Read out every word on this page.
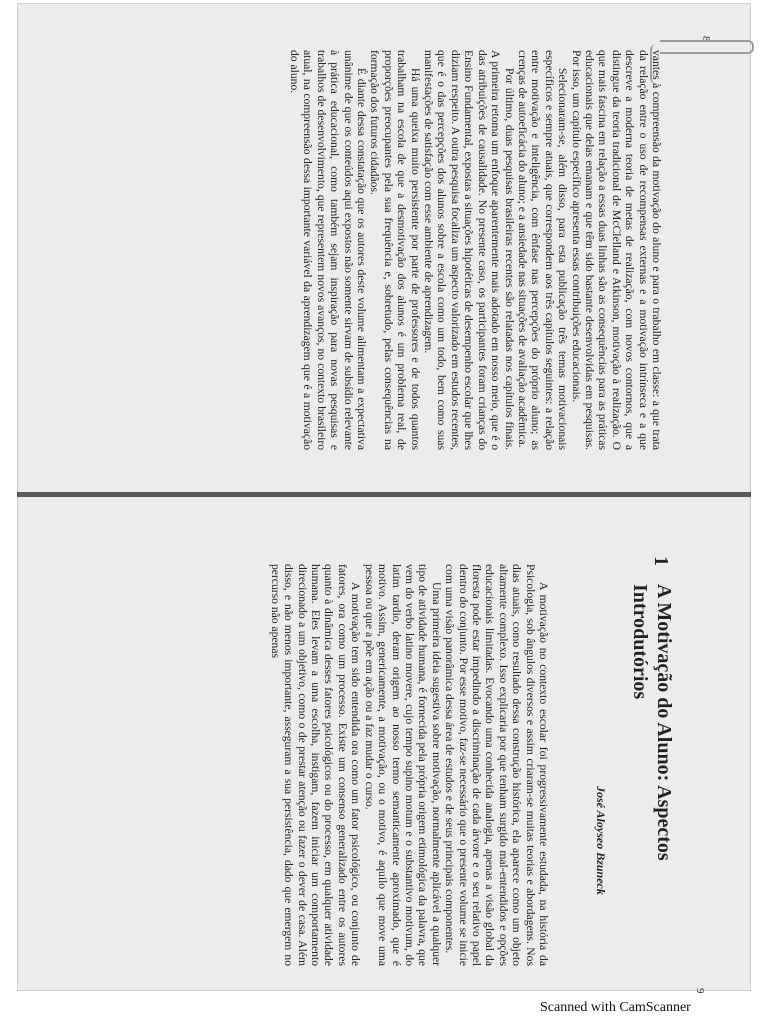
8

vantes à compreensão da motivação do aluno e para o trabalho em classe: a que trata da relação entre o uso de recompensas externas e a motivação intrínseca e a que descreve a moderna teoria de metas de realização, com novos contornos, que a distingue da teoria tradicional de McClelland e Atkinson, motivação à realização. O que mais fascina em relação a essas duas linhas são as consequências para as práticas educacionais que delas emanam e que têm sido bastante desenvolvidas em pesquisas. Por isso, um capítulo específico apresenta essas contribuições educacionais.

Selecionaram-se, além disso, para esta publicação três temas motivacionais específicos e sempre atuais, que correspondem aos três capítulos seguintes: a relação entre motivação e inteligência, com ênfase nas percepções do próprio aluno; as crenças de autoeficácia do aluno; e a ansiedade nas situações de avaliação acadêmica.

Por último, duas pesquisas brasileiras recentes são relatadas nos capítulos finais. A primeira retoma um enfoque aparentemente mais adotado em nosso meio, que é o das atribuições de causalidade. No presente caso, os participantes foram crianças do Ensino Fundamental, expostas a situações hipotéticas de desempenho escolar que lhes diziam respeito. A outra pesquisa focaliza um aspecto valorizado em estudos recentes, que é o das percepções dos alunos sobre a escola como um todo, bem como suas manifestações de satisfação com esse ambiente de aprendizagem.

Há uma queixa muito persistente por parte de professores e de todos quantos trabalham na escola de que a desmotivação dos alunos é um problema real, de proporções preocupantes pela sua frequência e, sobretudo, pelas consequências na formação dos futuros cidadãos.

É diante dessa constatação que os autores deste volume alimentam a expectativa unânime de que os conteúdos aqui expostos não somente sirvam de subsídio relevante à prática educacional, como também sejam inspiração para novas pesquisas e trabalhos de desenvolvimento, que representem novos avanços, no contexto brasileiro atual, na compreensão dessa importante variável da aprendizagem que é a motivação do aluno.

9
1
A Motivação do Aluno: Aspectos Introdutórios
José Aloyseo Bzuneck

A motivação no contexto escolar foi progressivamente estudada, na história da Psicologia, sob ângulos diversos e assim criaram-se muitas teorias e abordagens. Nos dias atuais, como resultado dessa construção histórica, ela aparece como um objeto altamente complexo. Isso explicaria por que tenham surgido mal-entendidos e opções educacionais limitadas. Evocando uma conhecida analogia, apenas a visão global da floresta pode estar impedindo a discriminação de cada árvore e o seu relativo papel dentro do conjunto. Por esse motivo, faz-se necessário que o presente volume se inicie com uma visão panorâmica dessa área de estudos e de seus principais componentes.

Uma primeira ideia sugestiva sobre motivação, normalmente aplicável a qualquer tipo de atividade humana, é fornecida pela própria origem etimológica da palavra, que vem do verbo latino movere, cujo tempo supino motum e o substantivo motivum, do latim tardio, deram origem ao nosso termo semanticamente aproximado, que é motivo. Assim, genericamente, a motivação, ou o motivo, é aquilo que move uma pessoa ou que a põe em ação ou a faz mudar o curso.

A motivação tem sido entendida ora como um fator psicológico, ou conjunto de fatores, ora como um processo. Existe um consenso generalizado entre os autores quanto à dinâmica desses fatores psicológicos ou do processo, em qualquer atividade humana. Eles levam a uma escolha, instigam, fazem iniciar um comportamento direcionado a um objetivo, como o de prestar atenção ou fazer o dever de casa. Além disso, e não menos importante, asseguram a sua persistência, dado que emergem no percurso não apenas

Scanned with CamScanner
